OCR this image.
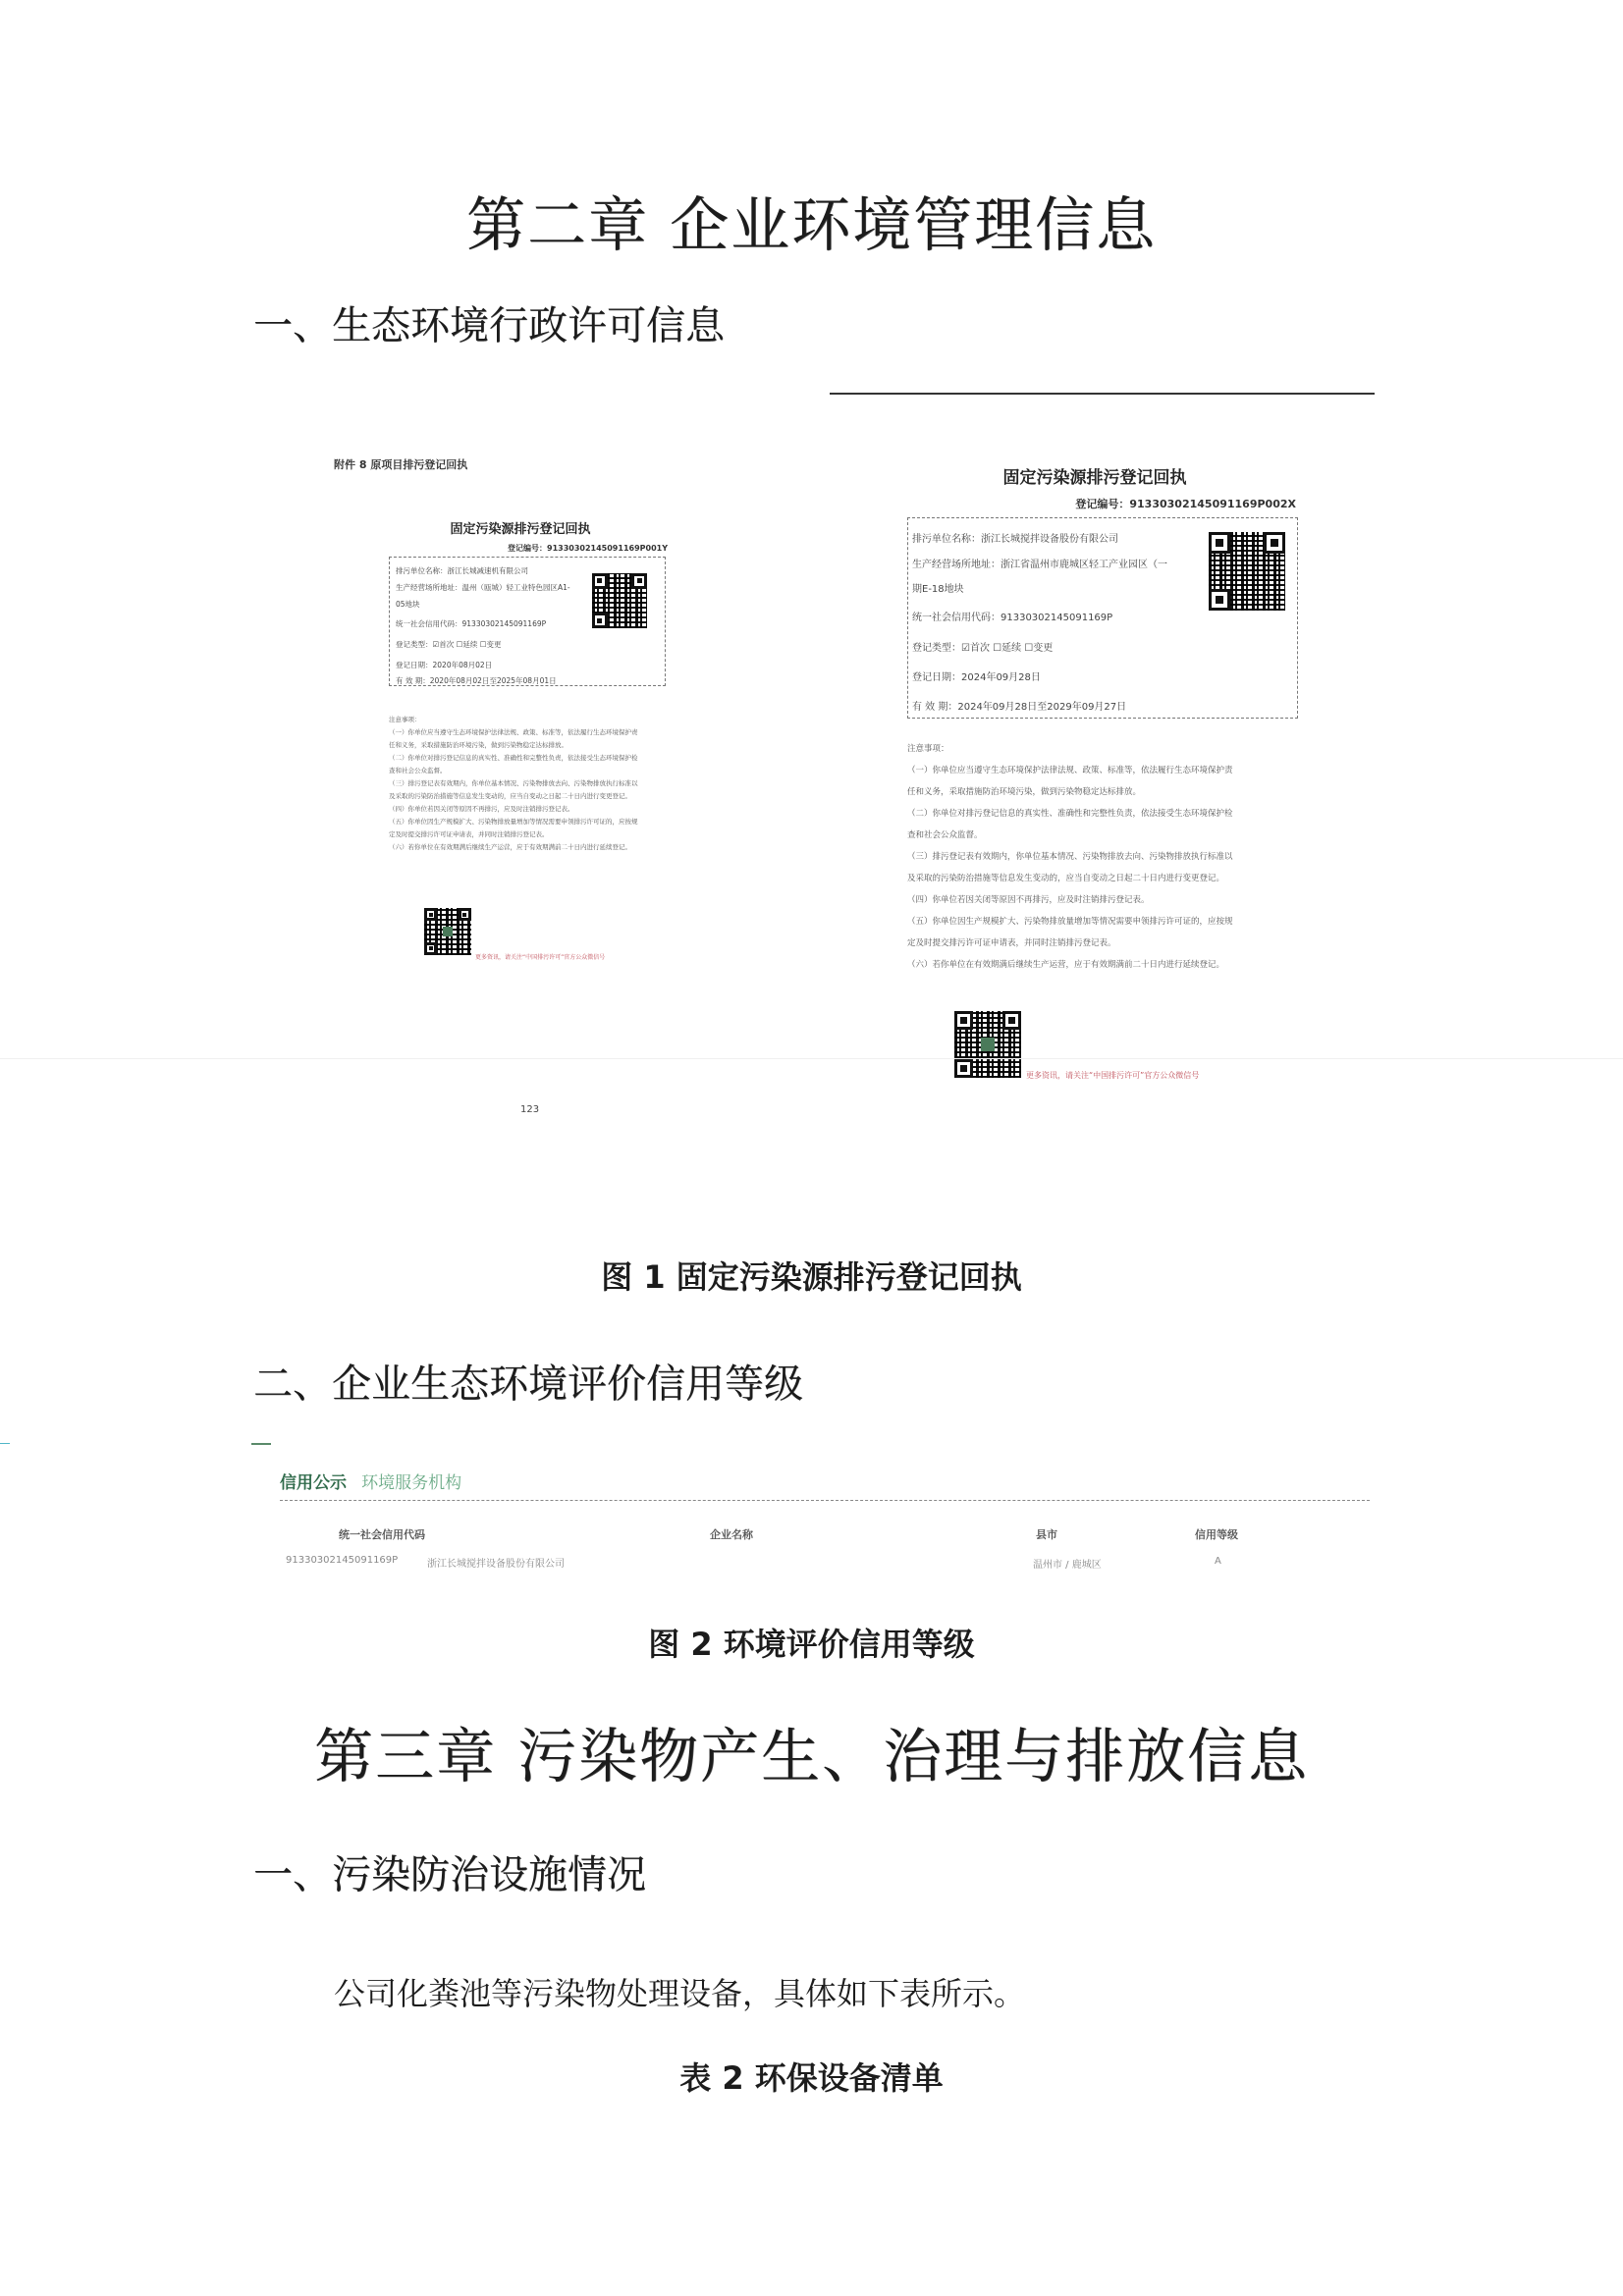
第二章 企业环境管理信息
一、生态环境行政许可信息
附件 8 原项目排污登记回执
固定污染源排污登记回执
登记编号：91330302145091169P001Y
排污单位名称：浙江长城减速机有限公司
生产经营场所地址：温州（瓯城）轻工业特色园区A1-
05地块
统一社会信用代码：91330302145091169P
登记类型：☑首次 ☐延续 ☐变更
登记日期：2020年08月02日
有 效 期：2020年08月02日至2025年08月01日
注意事项：
（一）你单位应当遵守生态环境保护法律法规、政策、标准等，依法履行生态环境保护责
任和义务，采取措施防治环境污染，做到污染物稳定达标排放。
（二）你单位对排污登记信息的真实性、准确性和完整性负责，依法接受生态环境保护检
查和社会公众监督。
（三）排污登记表有效期内，你单位基本情况、污染物排放去向、污染物排放执行标准以
及采取的污染防治措施等信息发生变动的，应当自变动之日起二十日内进行变更登记。
（四）你单位若因关闭等原因不再排污，应及时注销排污登记表。
（五）你单位因生产规模扩大、污染物排放量增加等情况需要申领排污许可证的，应按规
定及时提交排污许可证申请表，并同时注销排污登记表。
（六）若你单位在有效期满后继续生产运营，应于有效期满前二十日内进行延续登记。
更多资讯，请关注“中国排污许可”官方公众微信号
123
固定污染源排污登记回执
登记编号：91330302145091169P002X
排污单位名称：浙江长城搅拌设备股份有限公司
生产经营场所地址：浙江省温州市鹿城区轻工产业园区（一
期E-18地块
统一社会信用代码：91330302145091169P
登记类型：☑首次 ☐延续 ☐变更
登记日期：2024年09月28日
有 效 期：2024年09月28日至2029年09月27日
注意事项：
（一）你单位应当遵守生态环境保护法律法规、政策、标准等，依法履行生态环境保护责
任和义务，采取措施防治环境污染，做到污染物稳定达标排放。
（二）你单位对排污登记信息的真实性、准确性和完整性负责，依法接受生态环境保护检
查和社会公众监督。
（三）排污登记表有效期内，你单位基本情况、污染物排放去向、污染物排放执行标准以
及采取的污染防治措施等信息发生变动的，应当自变动之日起二十日内进行变更登记。
（四）你单位若因关闭等原因不再排污，应及时注销排污登记表。
（五）你单位因生产规模扩大、污染物排放量增加等情况需要申领排污许可证的，应按规
定及时提交排污许可证申请表，并同时注销排污登记表。
（六）若你单位在有效期满后继续生产运营，应于有效期满前二十日内进行延续登记。
更多资讯，请关注“中国排污许可”官方公众微信号
图 1 固定污染源排污登记回执
二、企业生态环境评价信用等级
信用公示 环境服务机构
统一社会信用代码	企业名称	县市	信用等级
91330302145091169P	浙江长城搅拌设备股份有限公司	温州市 / 鹿城区	A
图 2 环境评价信用等级
第三章 污染物产生、治理与排放信息
一、污染防治设施情况
公司化粪池等污染物处理设备，具体如下表所示。
表 2 环保设备清单
